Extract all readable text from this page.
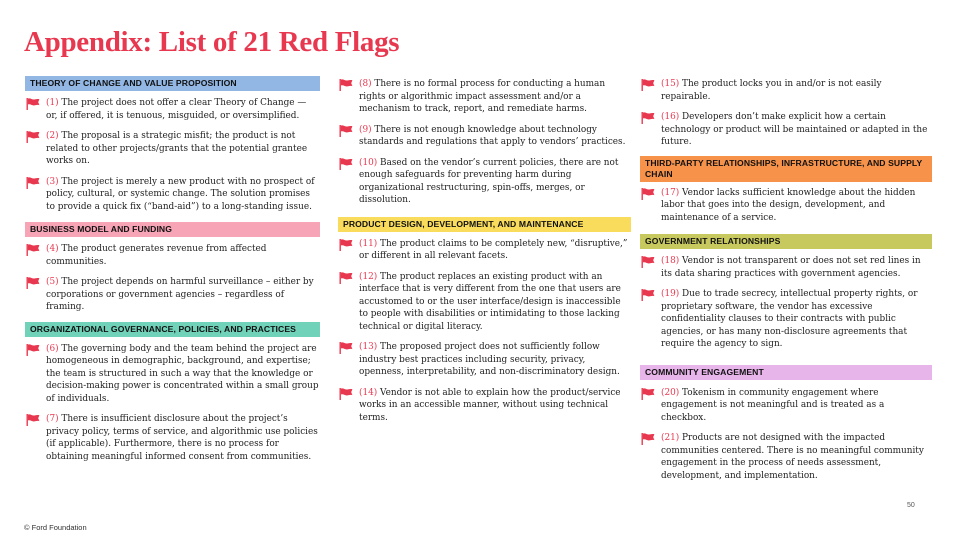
Appendix: List of 21 Red Flags
THEORY OF CHANGE AND VALUE PROPOSITION
(1) The project does not offer a clear Theory of Change — or, if offered, it is tenuous, misguided, or oversimplified.
(2) The proposal is a strategic misfit; the product is not related to other projects/grants that the potential grantee works on.
(3) The project is merely a new product with no prospect of policy, cultural, or systemic change. The solution promises to provide a quick fix (“band-aid”) to a long-standing issue.
BUSINESS MODEL AND FUNDING
(4) The product generates revenue from affected communities.
(5) The project depends on harmful surveillance – either by corporations or government agencies – regardless of framing.
ORGANIZATIONAL GOVERNANCE, POLICIES, AND PRACTICES
(6) The governing body and the team behind the project are homogeneous in demographic, background, and expertise; the team is structured in such a way that the knowledge or decision-making power is concentrated within a small group of individuals.
(7) There is insufficient disclosure about the project’s privacy policy, terms of service, and algorithmic use policies (if applicable). Furthermore, there is no process for obtaining meaningful informed consent from communities.
(8) There is no formal process for conducting a human rights or algorithmic impact assessment and/or a mechanism to track, report, and remediate harms.
(9) There is not enough knowledge about technology standards and regulations that apply to vendors’ practices.
(10) Based on the vendor’s current policies, there are not enough safeguards for preventing harm during organizational restructuring, spin-offs, merges, or dissolution.
PRODUCT DESIGN, DEVELOPMENT, AND MAINTENANCE
(11) The product claims to be completely new, “disruptive,” or different in all relevant facets.
(12) The product replaces an existing product with an interface that is very different from the one that users are accustomed to or the user interface/design is inaccessible to people with disabilities or intimidating to those lacking technical or digital literacy.
(13) The proposed project does not sufficiently follow industry best practices including security, privacy, openness, interpretability, and non-discriminatory design.
(14) Vendor is not able to explain how the product/service works in an accessible manner, without using technical terms.
(15) The product locks you in and/or is not easily repairable.
(16) Developers don’t make explicit how a certain technology or product will be maintained or adapted in the future.
THIRD-PARTY RELATIONSHIPS, INFRASTRUCTURE, AND SUPPLY CHAIN
(17) Vendor lacks sufficient knowledge about the hidden labor that goes into the design, development, and maintenance of a service.
GOVERNMENT RELATIONSHIPS
(18) Vendor is not transparent or does not set red lines in its data sharing practices with government agencies.
(19) Due to trade secrecy, intellectual property rights, or proprietary software, the vendor has excessive confidentiality clauses to their contracts with public agencies, or has many non-disclosure agreements that require the agency to sign.
COMMUNITY ENGAGEMENT
(20) Tokenism in community engagement where engagement is not meaningful and is treated as a checkbox.
(21) Products are not designed with the impacted communities centered. There is no meaningful community engagement in the process of needs assessment, development, and implementation.
50
© Ford Foundation
